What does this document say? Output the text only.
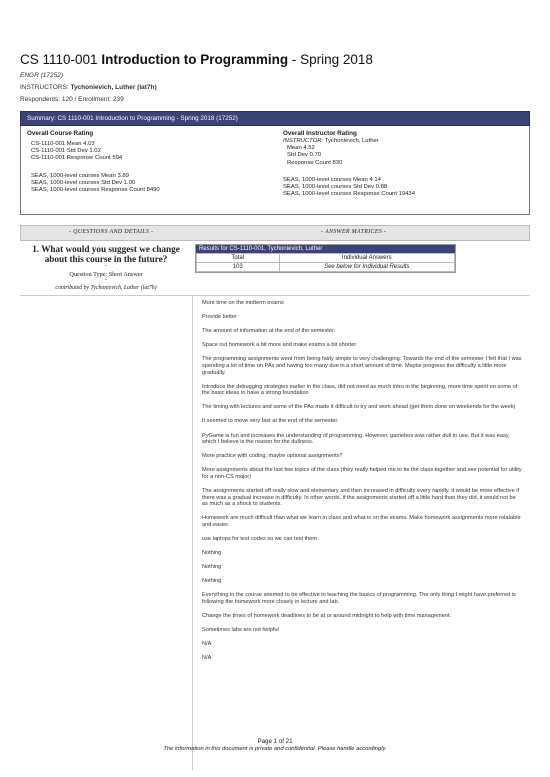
CS 1110-001 Introduction to Programming - Spring 2018
ENGR (17252)
INSTRUCTORS: Tychonievich, Luther (lat7h)
Respondents: 120 / Enrollment: 239
Summary: CS 1110-001 Introduction to Programming - Spring 2018 (17252)
Overall Course Rating
CS-1110-001 Mean 4.03
CS-1110-001 Std Dev 1.02
CS-1110-001 Response Count 594
SEAS, 1000-level courses Mean 3.89
SEAS, 1000-level courses Std Dev 1.00
SEAS, 1000-level courses Response Count 8490
Overall Instructor Rating
INSTRUCTOR: Tychonievich, Luther
Mean 4.52
Std Dev 0.70
Response Count 830
SEAS, 1000-level courses Mean 4.14
SEAS, 1000-level courses Std Dev 0.88
SEAS, 1000-level courses Response Count 19434
- QUESTIONS AND DETAILS -	- ANSWER MATRICES -
1. What would you suggest we change about this course in the future?
-
Question Type: Short Answer
-
contributed by Tychonievich, Luther (lat7h)
Results for CS-1110-001, Tychonievich, Luther
Total	Individual Answers
103	See below for Individual Results
More time on the midterm exams
Provide better
The amount of information at the end of the semester.
Space out homework a bit more and make exams a bit shorter
The programming assignments went from being fairly simple to very challenging. Towards the end of the semester I felt that I was spending a lot of time on PAs and having too many due in a short amount of time. Maybe progress the difficulty a little more gradually.
Introduce the debugging strategies earlier in the class, did not need as much intro in the beginning, more time spent on some of the basic ideas to have a strong foundation
The timing with lectures and some of the PAs made it difficult to try and work ahead (get them done on weekends for the week)
It seemed to move very fast at the end of the semester.
PyGame is fun and increases the understanding of programming. However, gamebox was rather dull to use. But it was easy, which I believe is the reason for the dullness.
More practice with coding, maybe optional assignments?
More assignments about the last few topics of the class (they really helped me to tie the class together and see potential for utility for a non-CS major)
The assignments started off really slow and elementary and then increased in difficulty every rapidly, it would be more effective if there was a gradual increase in difficulty. In other words, if the assignments started off a little hard than they did, it would not be as much as a shock to students.
Homework are much difficult than what we learn in class and what is on the exams. Make homework assignments more relatable and easier.
use laptops for test codes so we can test them
Nothing
Nothing
Nothing
Everything in the course seemed to be effective in teaching the basics of programming. The only thing I might have preferred is following the homework more closely in lecture and lab.
Change the times of homework deadlines to be at or around midnight to help with time management.
Sometimes labs are not helpful
N/A
N/A
Page 1 of 21
The information in this document is private and confidential. Please handle accordingly.
